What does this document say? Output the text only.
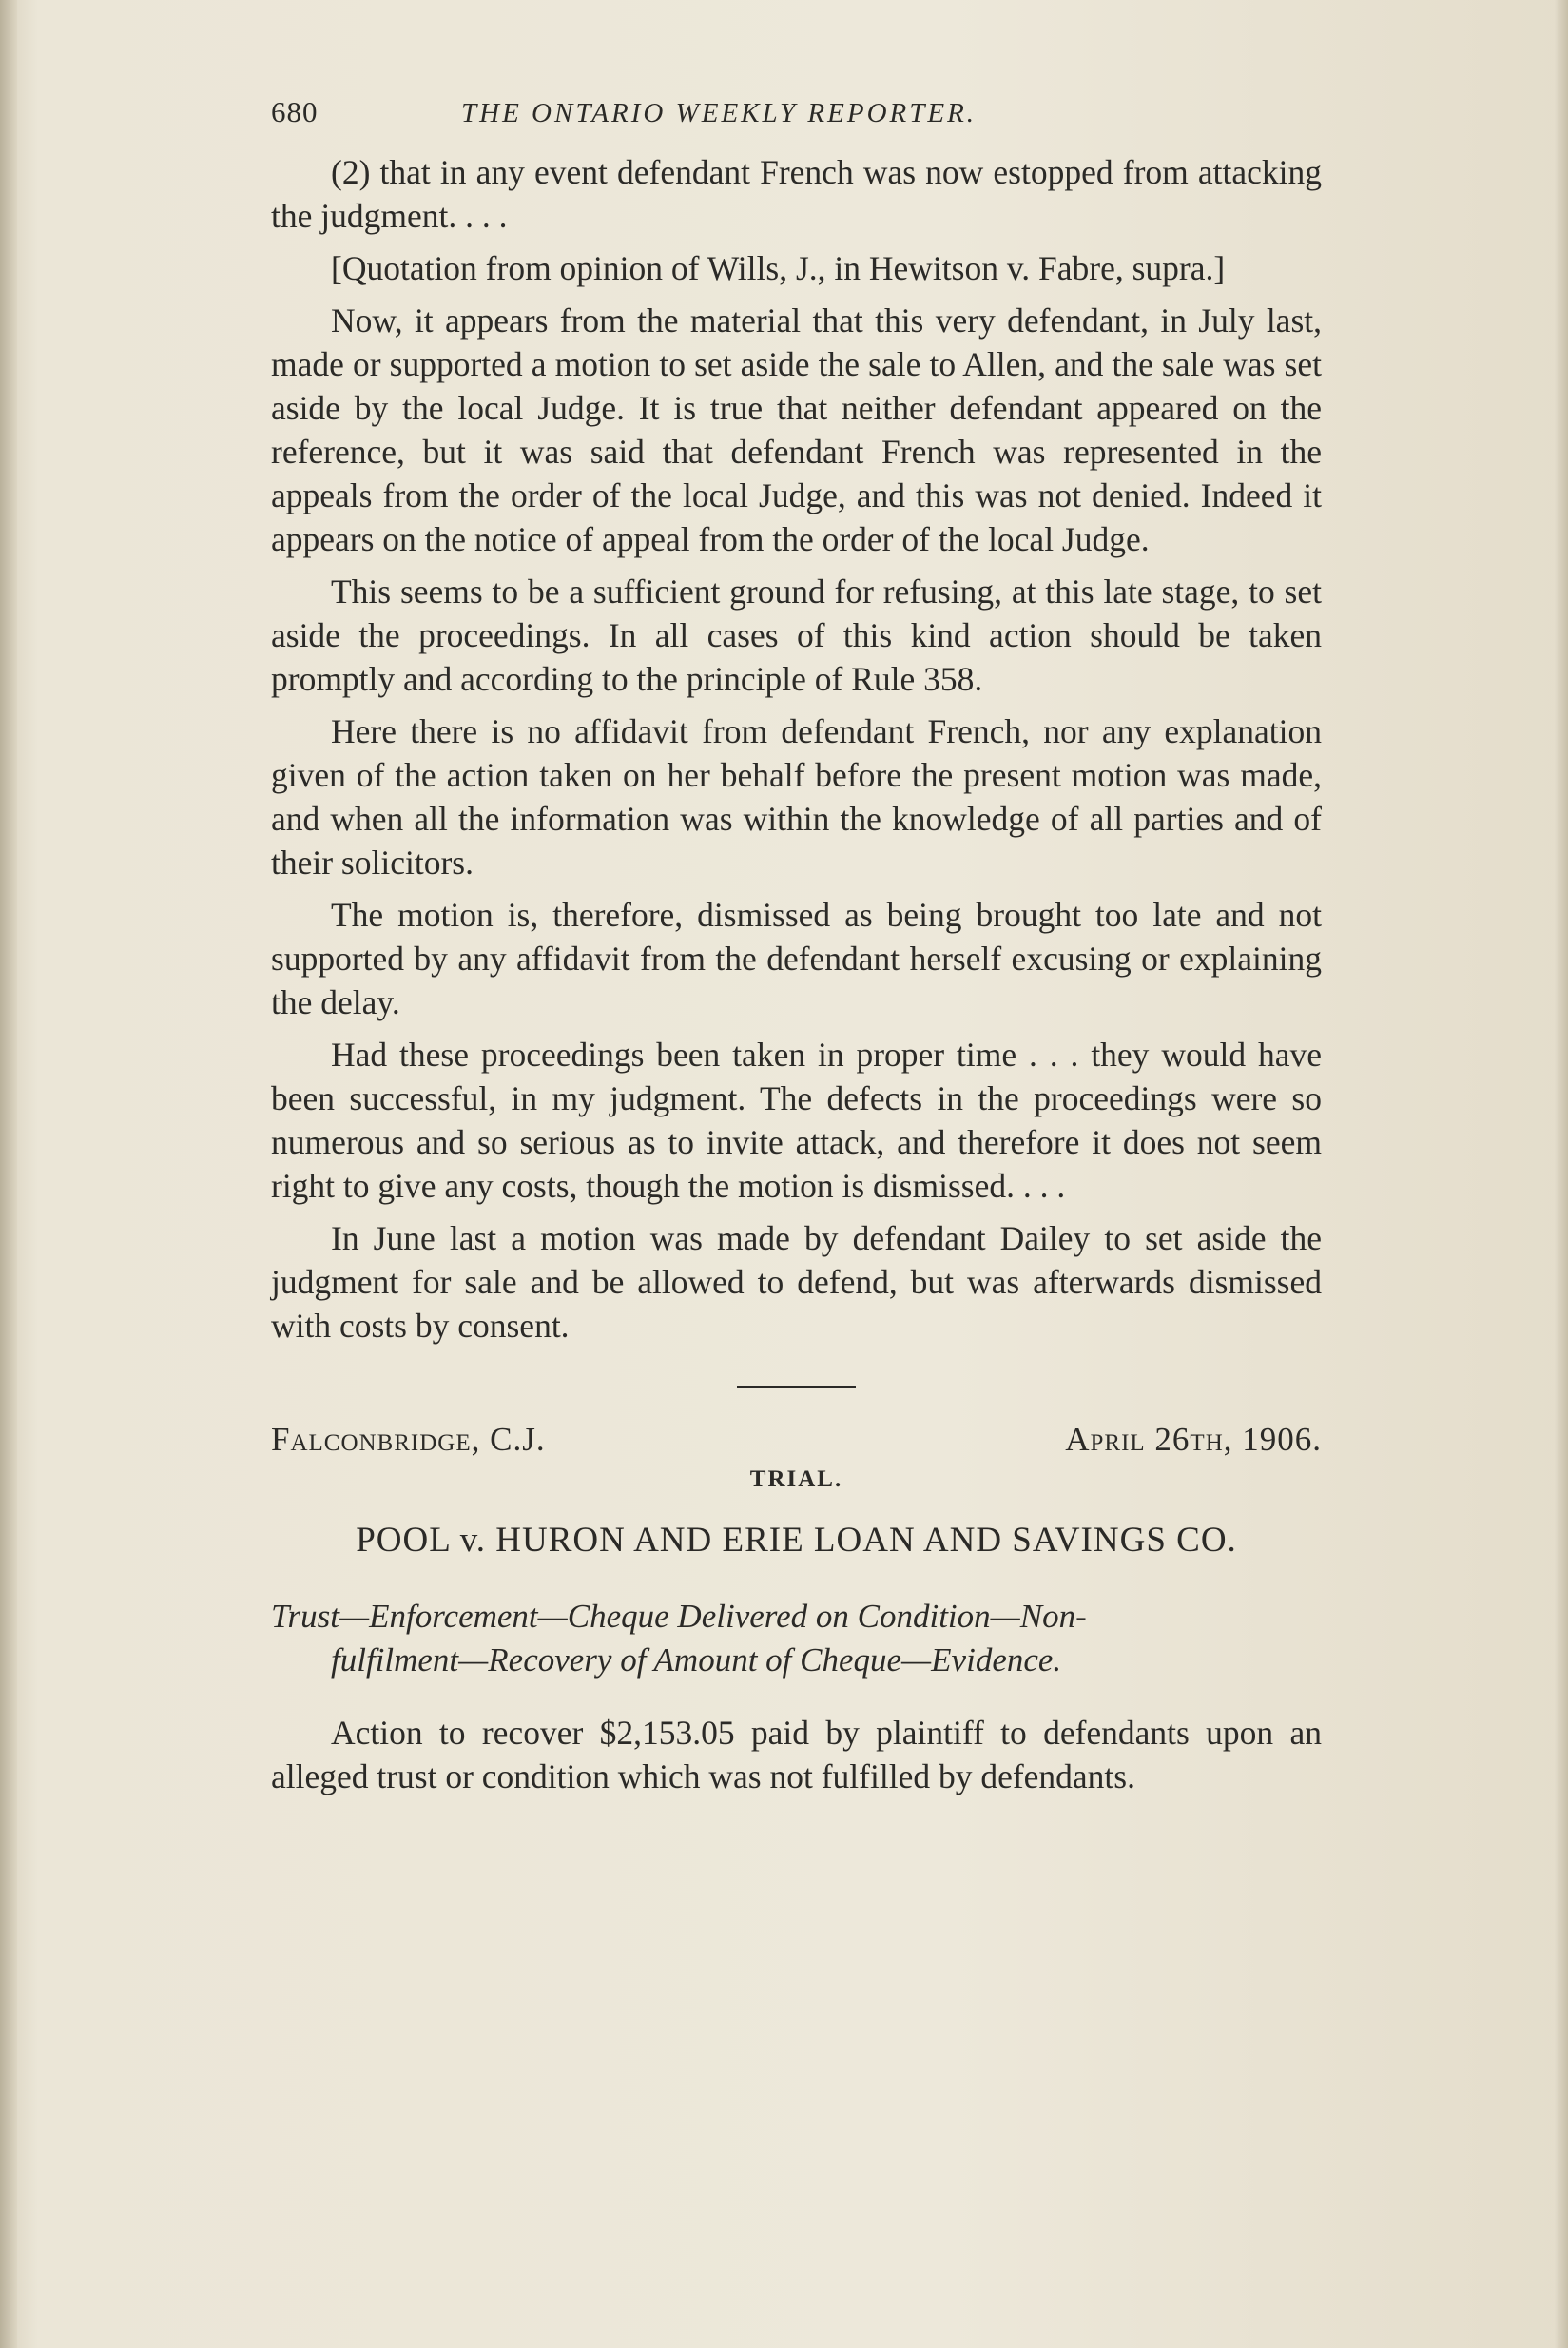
680	THE ONTARIO WEEKLY REPORTER.

(2) that in any event defendant French was now estopped from attacking the judgment. . . .

[Quotation from opinion of Wills, J., in Hewitson v. Fabre, supra.]

Now, it appears from the material that this very defendant, in July last, made or supported a motion to set aside the sale to Allen, and the sale was set aside by the local Judge. It is true that neither defendant appeared on the reference, but it was said that defendant French was represented in the appeals from the order of the local Judge, and this was not denied. Indeed it appears on the notice of appeal from the order of the local Judge.

This seems to be a sufficient ground for refusing, at this late stage, to set aside the proceedings. In all cases of this kind action should be taken promptly and according to the principle of Rule 358.

Here there is no affidavit from defendant French, nor any explanation given of the action taken on her behalf before the present motion was made, and when all the information was within the knowledge of all parties and of their solicitors.

The motion is, therefore, dismissed as being brought too late and not supported by any affidavit from the defendant herself excusing or explaining the delay.

Had these proceedings been taken in proper time . . . they would have been successful, in my judgment. The defects in the proceedings were so numerous and so serious as to invite attack, and therefore it does not seem right to give any costs, though the motion is dismissed. . . .

In June last a motion was made by defendant Dailey to set aside the judgment for sale and be allowed to defend, but was afterwards dismissed with costs by consent.

Falconbridge, C.J.	April 26th, 1906.
TRIAL.
POOL v. HURON AND ERIE LOAN AND SAVINGS CO.
Trust—Enforcement—Cheque Delivered on Condition—Non-
fulfilment—Recovery of Amount of Cheque—Evidence.

Action to recover $2,153.05 paid by plaintiff to defendants upon an alleged trust or condition which was not fulfilled by defendants.
